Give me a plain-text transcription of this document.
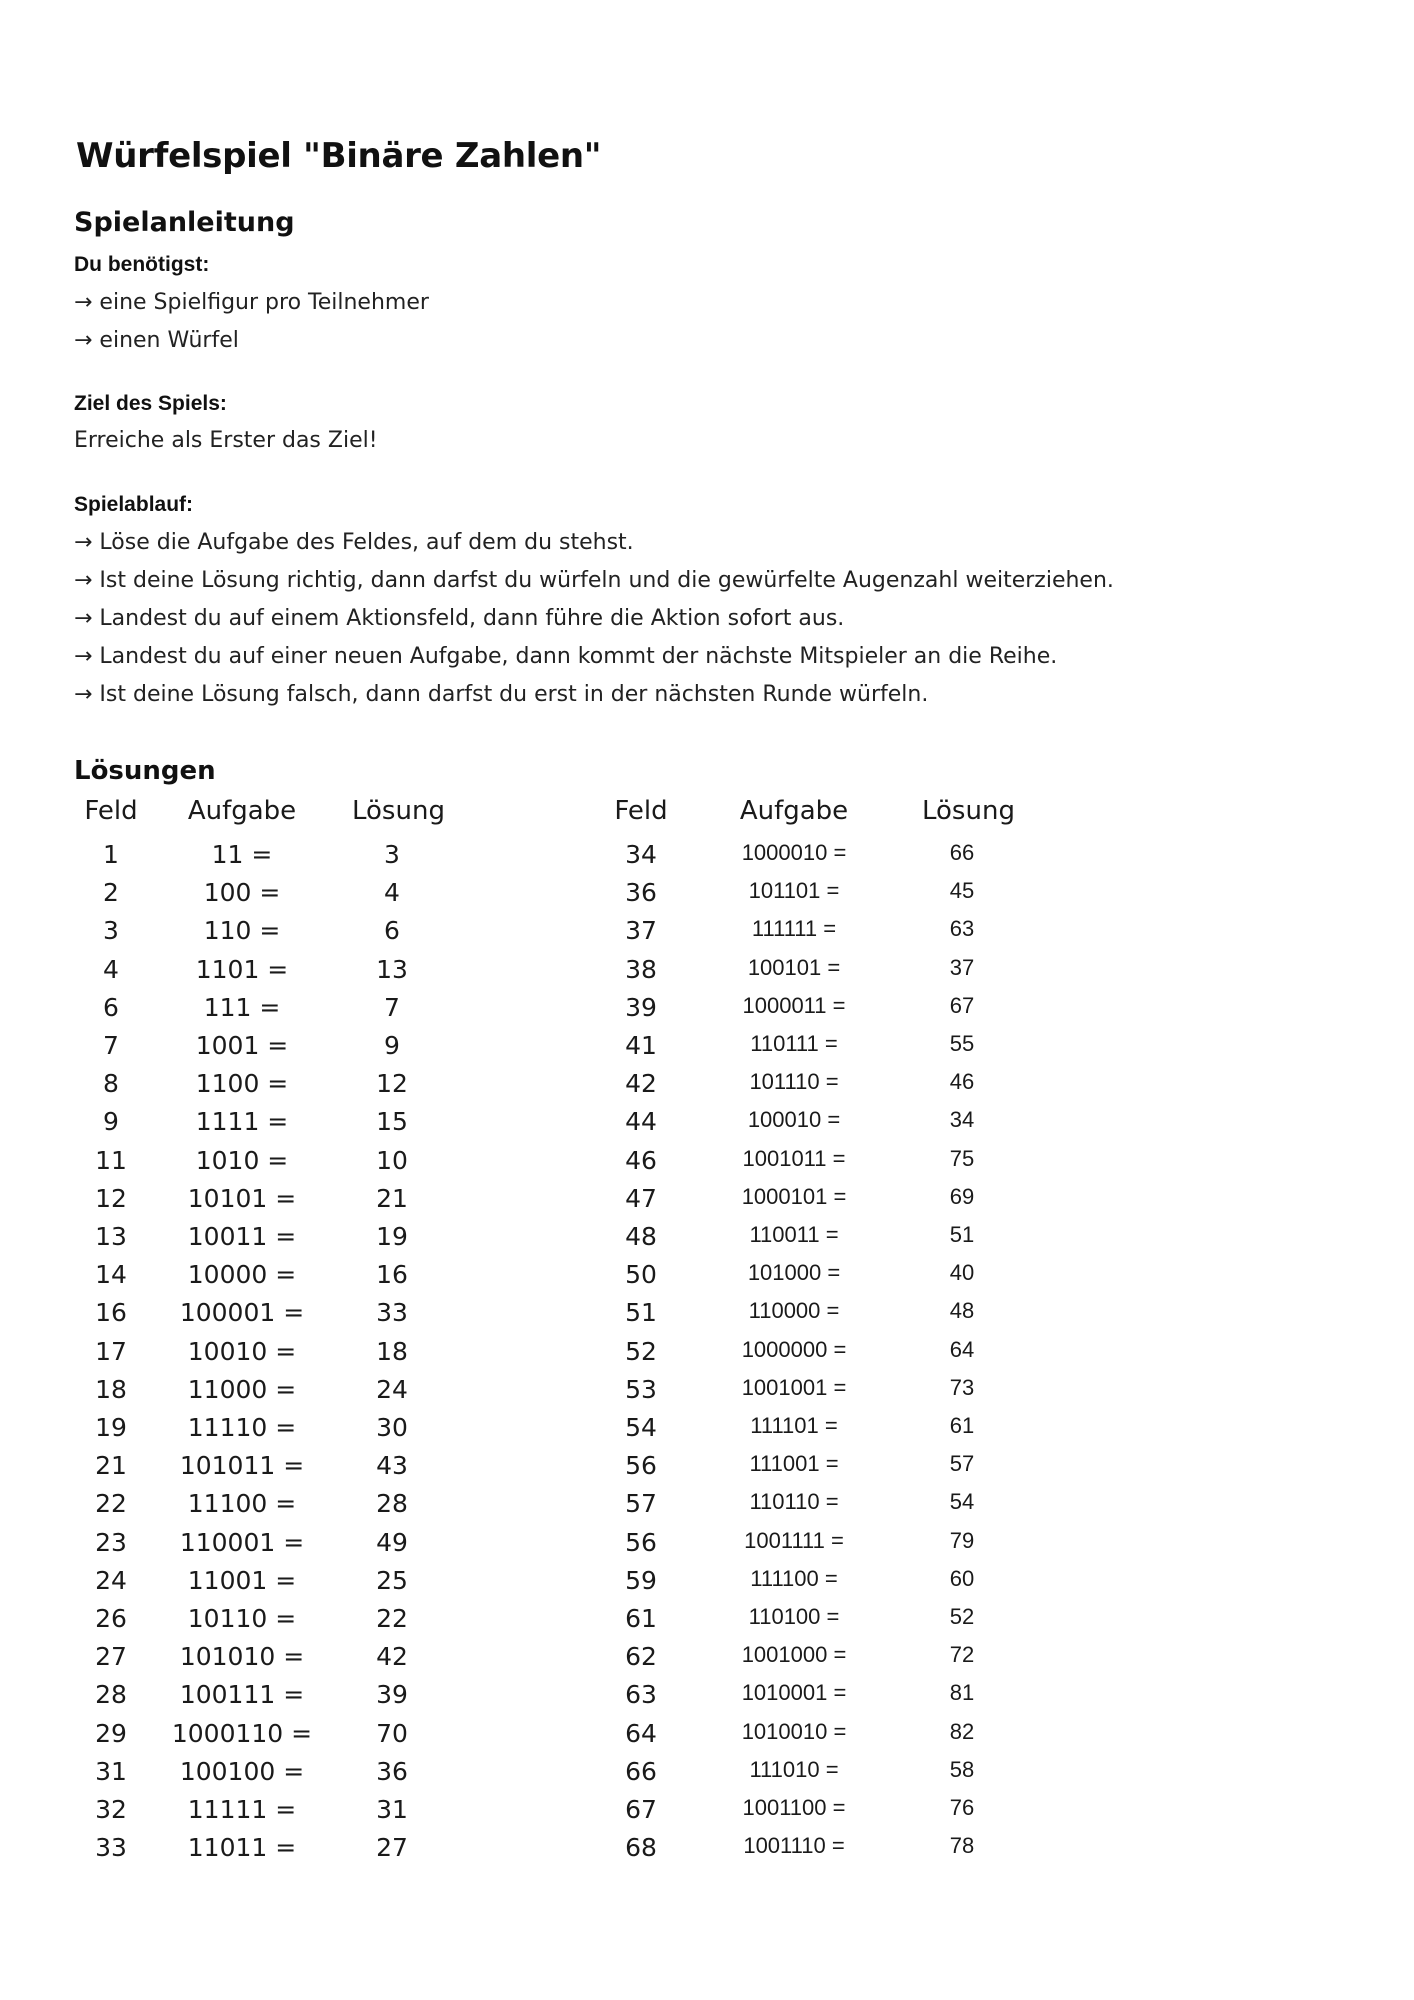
Würfelspiel "Binäre Zahlen"
Spielanleitung
Du benötigst:
→ eine Spielfigur pro Teilnehmer
→ einen Würfel
Ziel des Spiels:
Erreiche als Erster das Ziel!
Spielablauf:
→ Löse die Aufgabe des Feldes, auf dem du stehst.
→ Ist deine Lösung richtig, dann darfst du würfeln und die gewürfelte Augenzahl weiterziehen.
→ Landest du auf einem Aktionsfeld, dann führe die Aktion sofort aus.
→ Landest du auf einer neuen Aufgabe, dann kommt der nächste Mitspieler an die Reihe.
→ Ist deine Lösung falsch, dann darfst du erst in der nächsten Runde würfeln.
Lösungen
Feld	Aufgabe	Lösung
1	11 =	3
2	100 =	4
3	110 =	6
4	1101 =	13
6	111 =	7
7	1001 =	9
8	1100 =	12
9	1111 =	15
11	1010 =	10
12	10101 =	21
13	10011 =	19
14	10000 =	16
16	100001 =	33
17	10010 =	18
18	11000 =	24
19	11110 =	30
21	101011 =	43
22	11100 =	28
23	110001 =	49
24	11001 =	25
26	10110 =	22
27	101010 =	42
28	100111 =	39
29	1000110 =	70
31	100100 =	36
32	11111 =	31
33	11011 =	27
Feld	Aufgabe	Lösung
34	1000010 =	66
36	101101 =	45
37	111111 =	63
38	100101 =	37
39	1000011 =	67
41	110111 =	55
42	101110 =	46
44	100010 =	34
46	1001011 =	75
47	1000101 =	69
48	110011 =	51
50	101000 =	40
51	110000 =	48
52	1000000 =	64
53	1001001 =	73
54	111101 =	61
56	111001 =	57
57	110110 =	54
56	1001111 =	79
59	111100 =	60
61	110100 =	52
62	1001000 =	72
63	1010001 =	81
64	1010010 =	82
66	111010 =	58
67	1001100 =	76
68	1001110 =	78
